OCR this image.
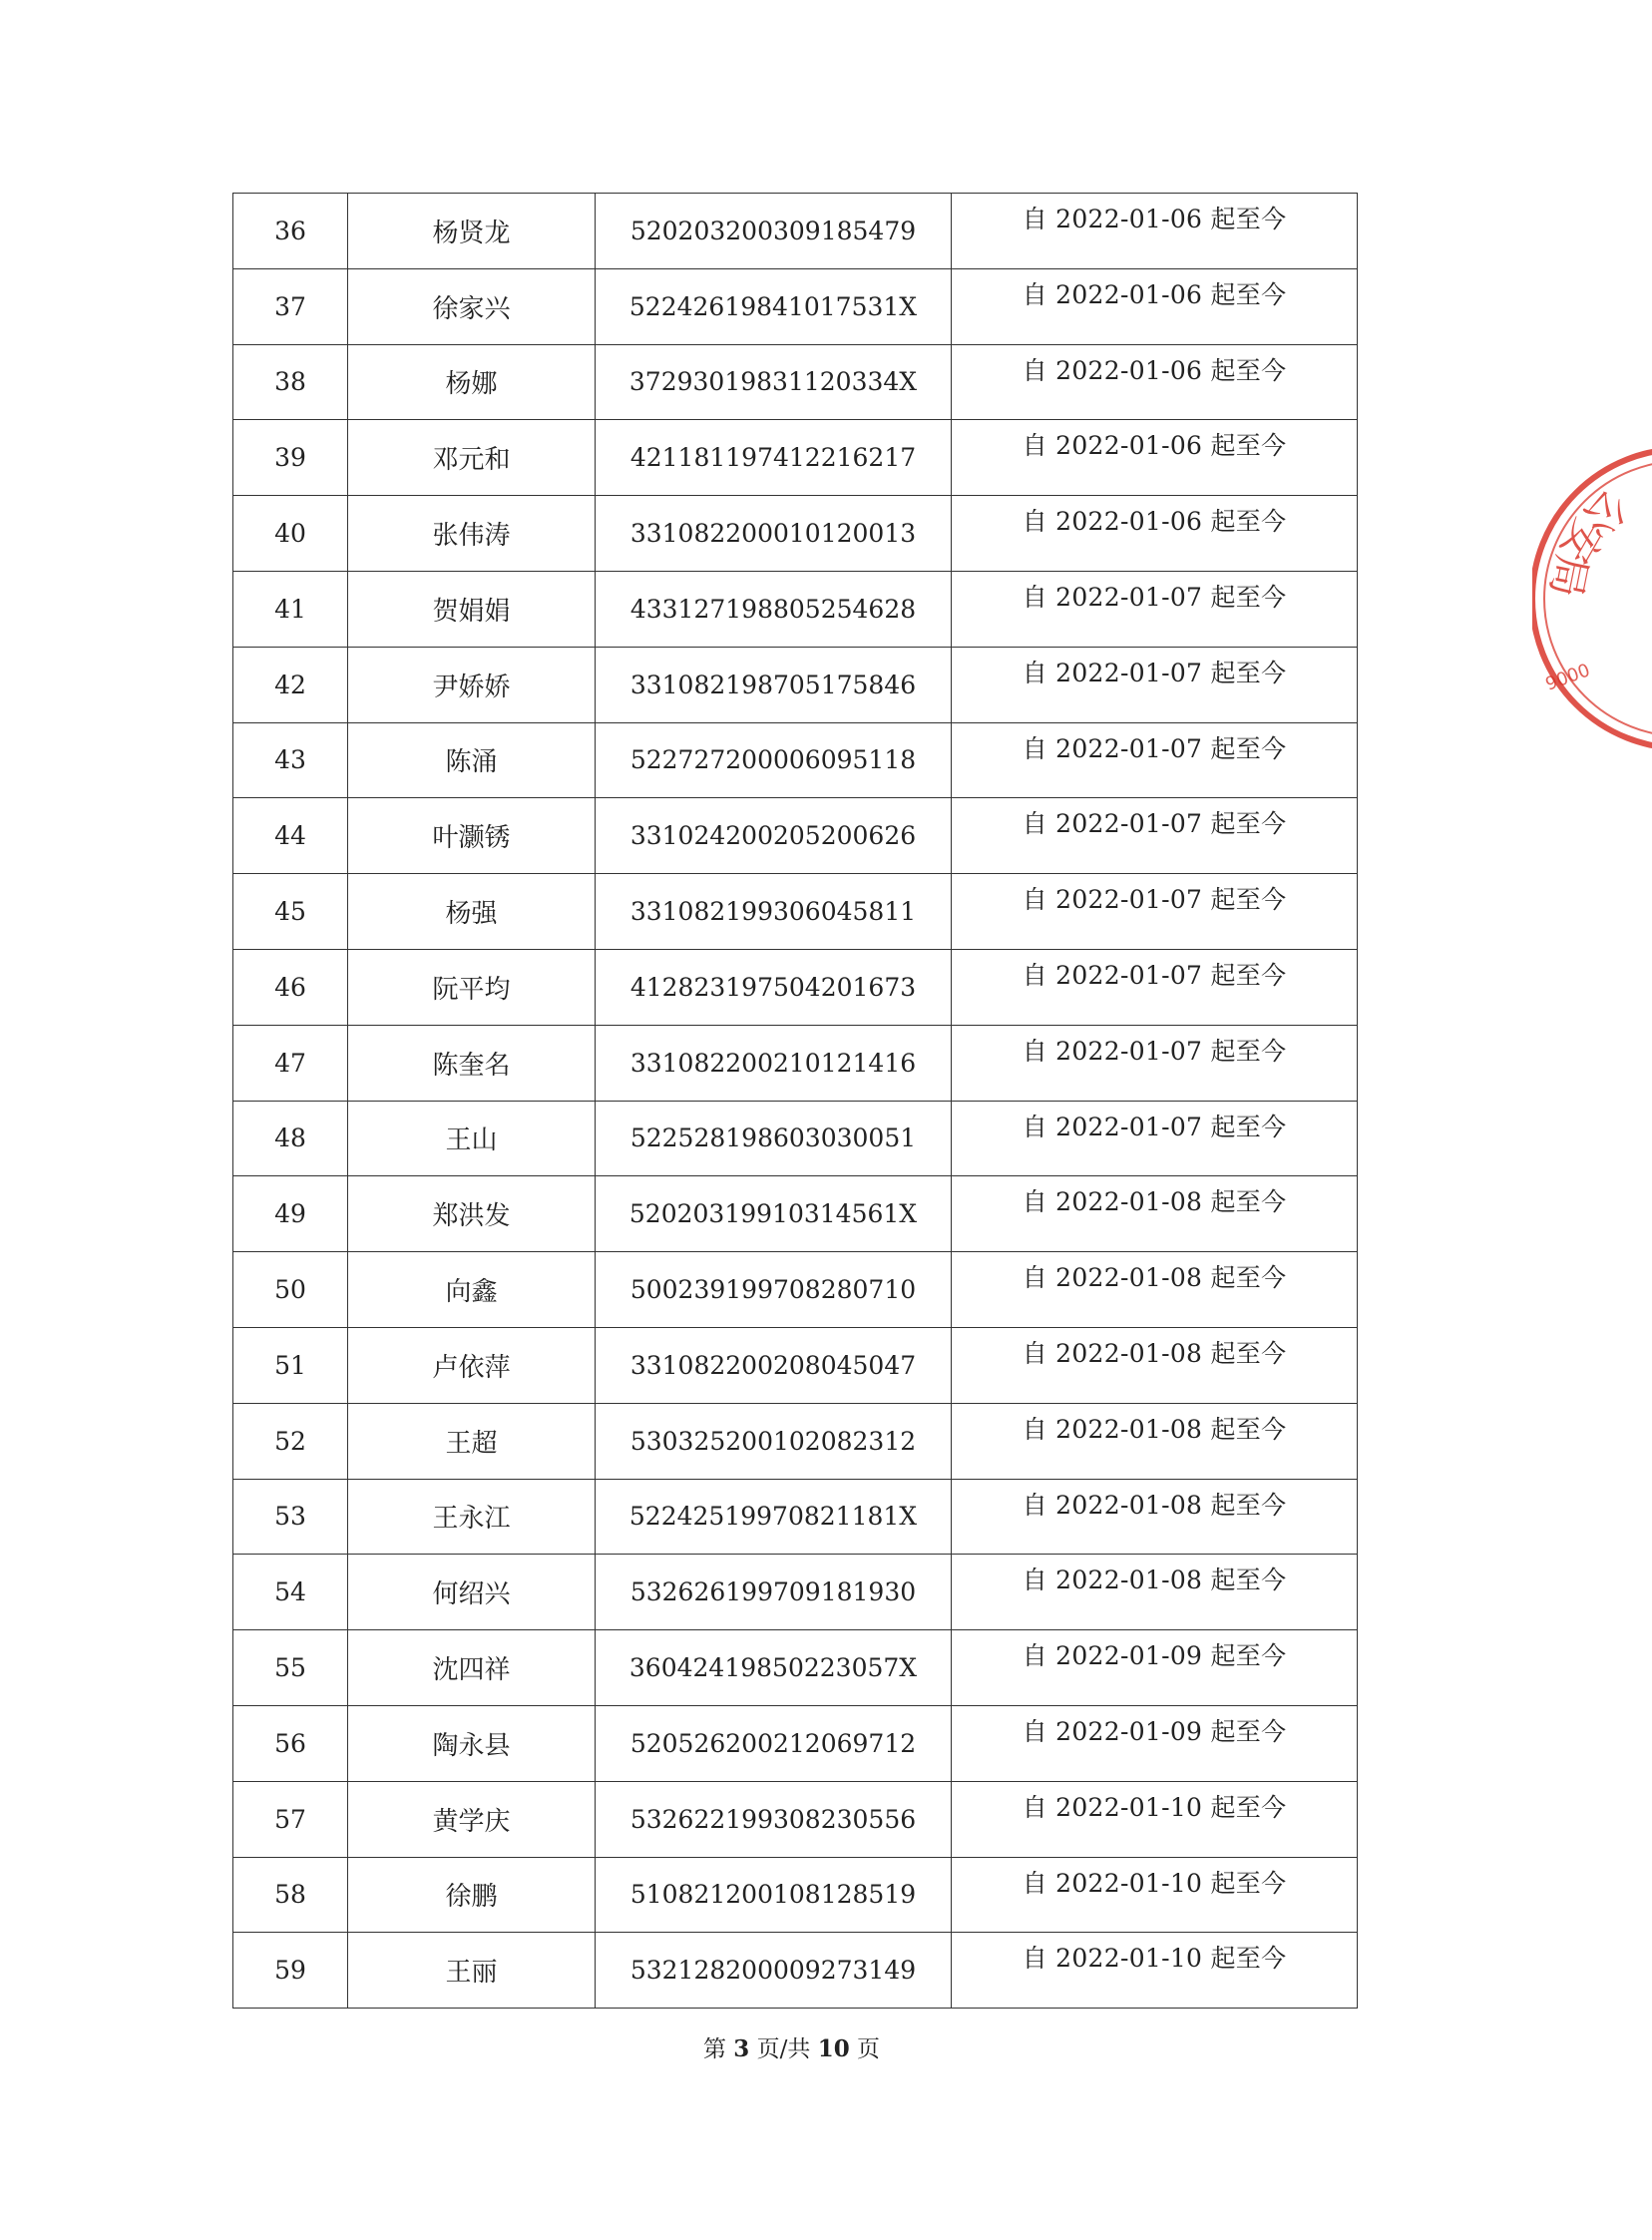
36	杨贤龙	520203200309185479	自 2022-01-06 起至今
37	徐家兴	52242619841017531X	自 2022-01-06 起至今
38	杨娜	37293019831120334X	自 2022-01-06 起至今
39	邓元和	421181197412216217	自 2022-01-06 起至今
40	张伟涛	331082200010120013	自 2022-01-06 起至今
41	贺娟娟	433127198805254628	自 2022-01-07 起至今
42	尹娇娇	331082198705175846	自 2022-01-07 起至今
43	陈涌	522727200006095118	自 2022-01-07 起至今
44	叶灏锈	331024200205200626	自 2022-01-07 起至今
45	杨强	331082199306045811	自 2022-01-07 起至今
46	阮平均	412823197504201673	自 2022-01-07 起至今
47	陈奎名	331082200210121416	自 2022-01-07 起至今
48	王山	522528198603030051	自 2022-01-07 起至今
49	郑洪发	52020319910314561X	自 2022-01-08 起至今
50	向鑫	500239199708280710	自 2022-01-08 起至今
51	卢依萍	331082200208045047	自 2022-01-08 起至今
52	王超	530325200102082312	自 2022-01-08 起至今
53	王永江	52242519970821181X	自 2022-01-08 起至今
54	何绍兴	532626199709181930	自 2022-01-08 起至今
55	沈四祥	36042419850223057X	自 2022-01-09 起至今
56	陶永县	520526200212069712	自 2022-01-09 起至今
57	黄学庆	532622199308230556	自 2022-01-10 起至今
58	徐鹏	510821200108128519	自 2022-01-10 起至今
59	王丽	532128200009273149	自 2022-01-10 起至今
第 3 页/共 10 页
公安局
9000
